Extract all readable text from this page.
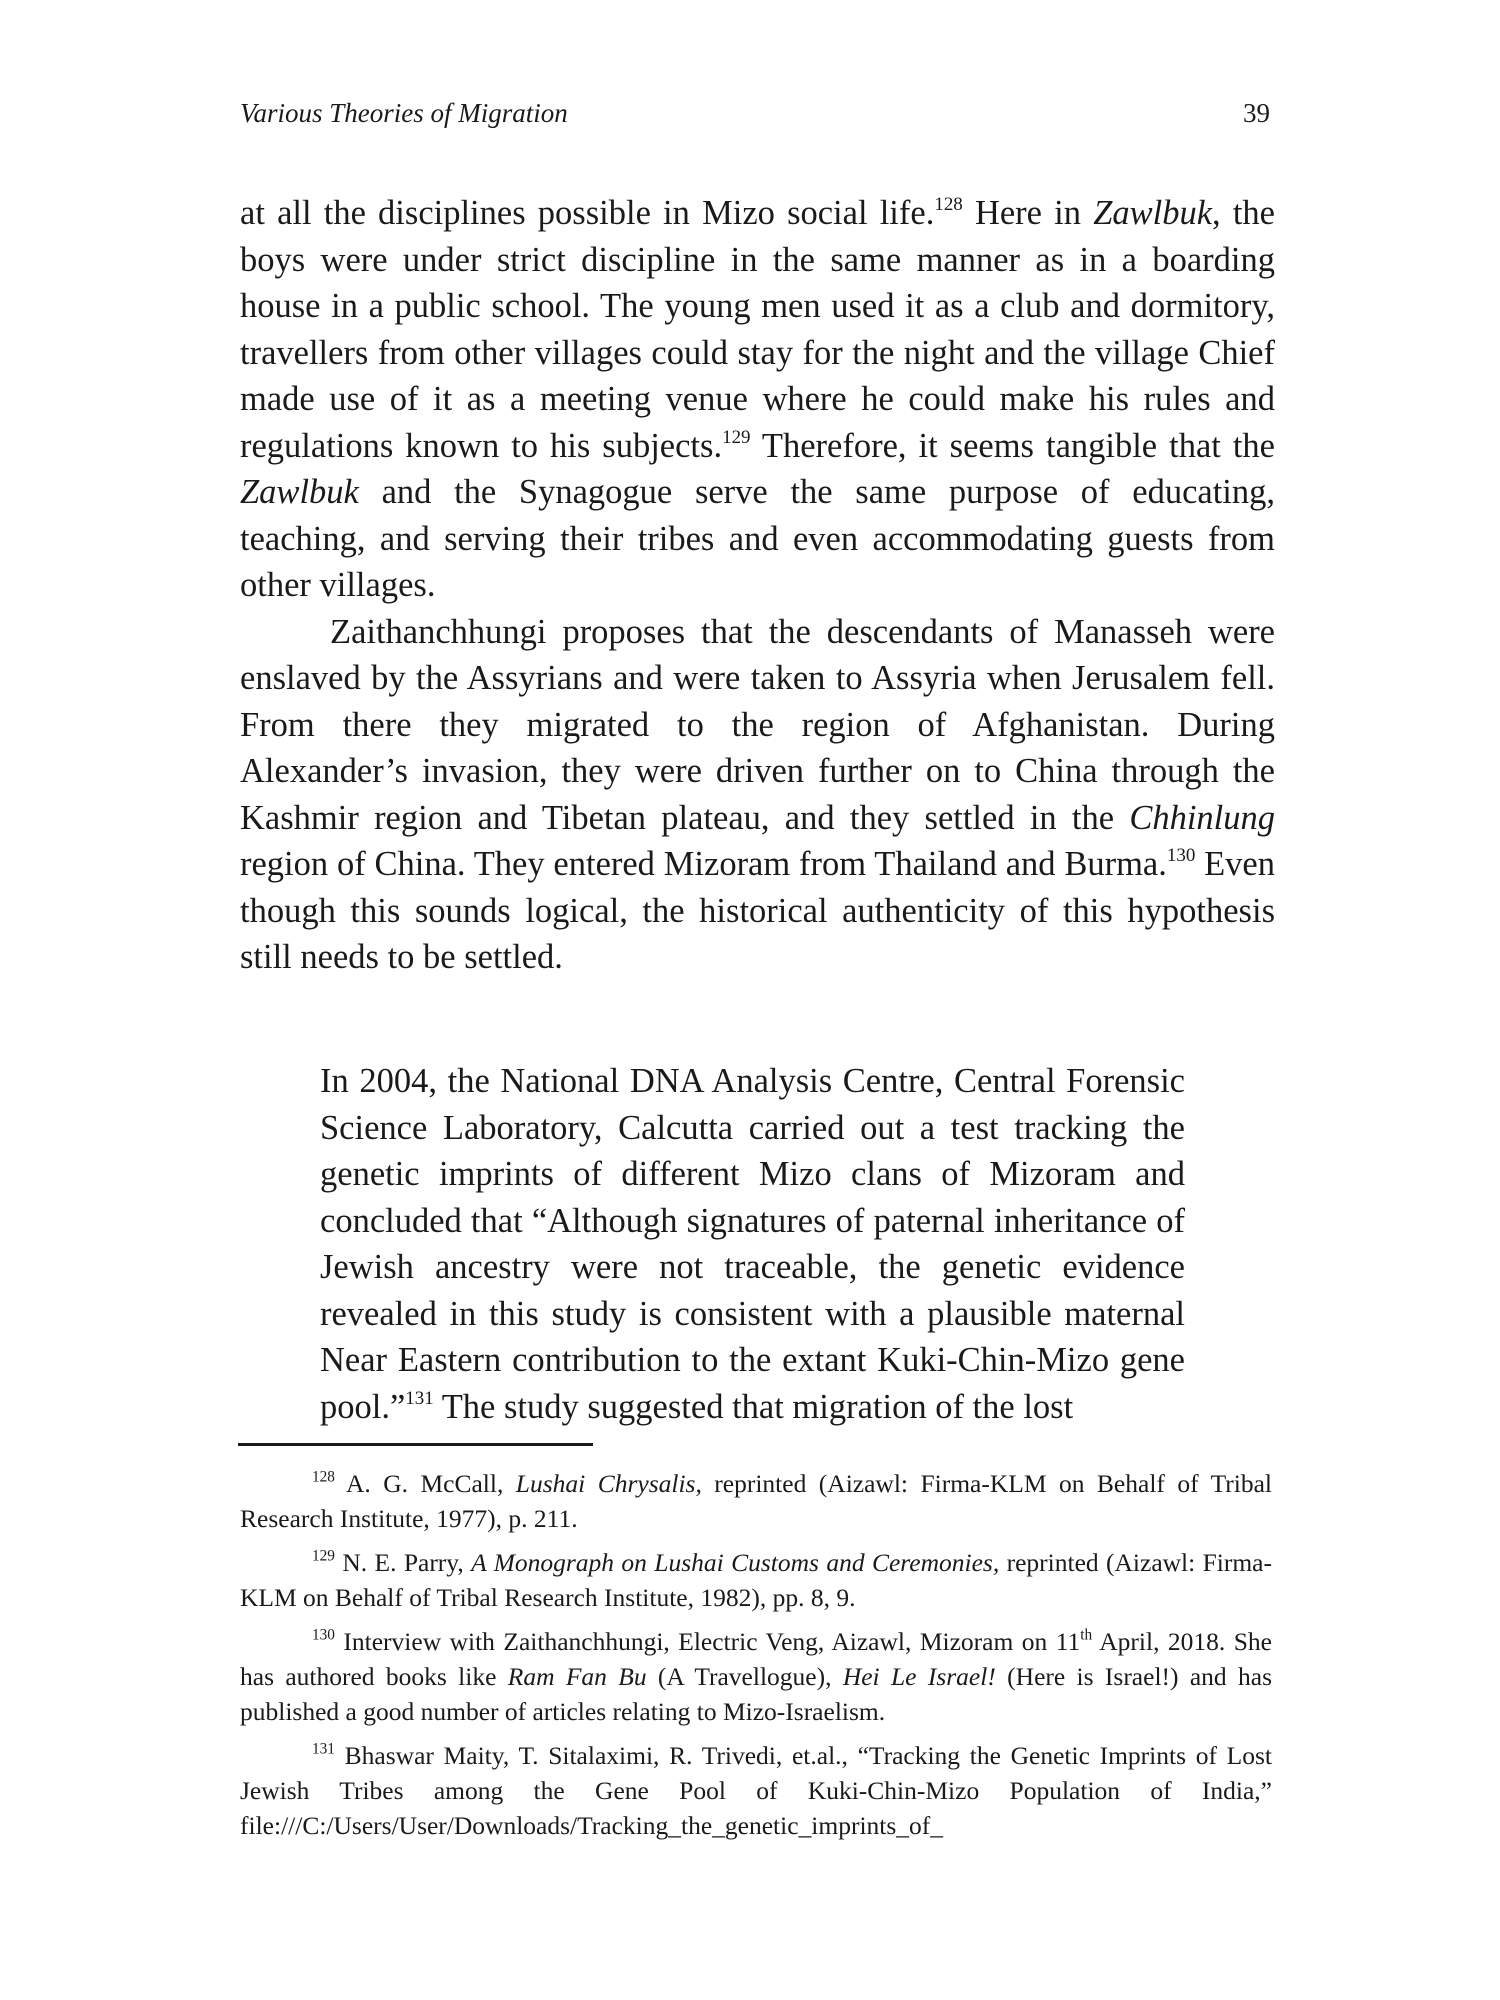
Various Theories of Migration	39

at all the disciplines possible in Mizo social life.$^{128}$ Here in Zawlbuk, the boys were under strict discipline in the same manner as in a boarding house in a public school. The young men used it as a club and dormitory, travellers from other villages could stay for the night and the village Chief made use of it as a meeting venue where he could make his rules and regulations known to his subjects.$^{129}$ Therefore, it seems tangible that the Zawlbuk and the Synagogue serve the same purpose of educating, teaching, and serving their tribes and even accommodating guests from other villages.

Zaithanchhungi proposes that the descendants of Manasseh were enslaved by the Assyrians and were taken to Assyria when Jerusalem fell. From there they migrated to the region of Afghanistan. During Alexander’s invasion, they were driven further on to China through the Kashmir region and Tibetan plateau, and they settled in the Chhinlung region of China. They entered Mizoram from Thailand and Burma.$^{130}$ Even though this sounds logical, the historical authenticity of this hypothesis still needs to be settled.

In 2004, the National DNA Analysis Centre, Central Forensic Science Laboratory, Calcutta carried out a test tracking the genetic imprints of different Mizo clans of Mizoram and concluded that “Although signatures of paternal inheritance of Jewish ancestry were not traceable, the genetic evidence revealed in this study is consistent with a plausible maternal Near Eastern contribution to the extant Kuki-Chin-Mizo gene pool.”$^{131}$ The study suggested that migration of the lost

$^{128}$ A. G. McCall, Lushai Chrysalis, reprinted (Aizawl: Firma-KLM on Behalf of Tribal Research Institute, 1977), p. 211.

$^{129}$ N. E. Parry, A Monograph on Lushai Customs and Ceremonies, reprinted (Aizawl: Firma-KLM on Behalf of Tribal Research Institute, 1982), pp. 8, 9.

$^{130}$ Interview with Zaithanchhungi, Electric Veng, Aizawl, Mizoram on 11th April, 2018. She has authored books like Ram Fan Bu (A Travellogue), Hei Le Israel! (Here is Israel!) and has published a good number of articles relating to Mizo-Israelism.

$^{131}$ Bhaswar Maity, T. Sitalaximi, R. Trivedi, et.al., “Tracking the Genetic Imprints of Lost Jewish Tribes among the Gene Pool of Kuki-Chin-Mizo Population of India,” file:///C:/Users/User/Downloads/Tracking_the_genetic_imprints_of_
